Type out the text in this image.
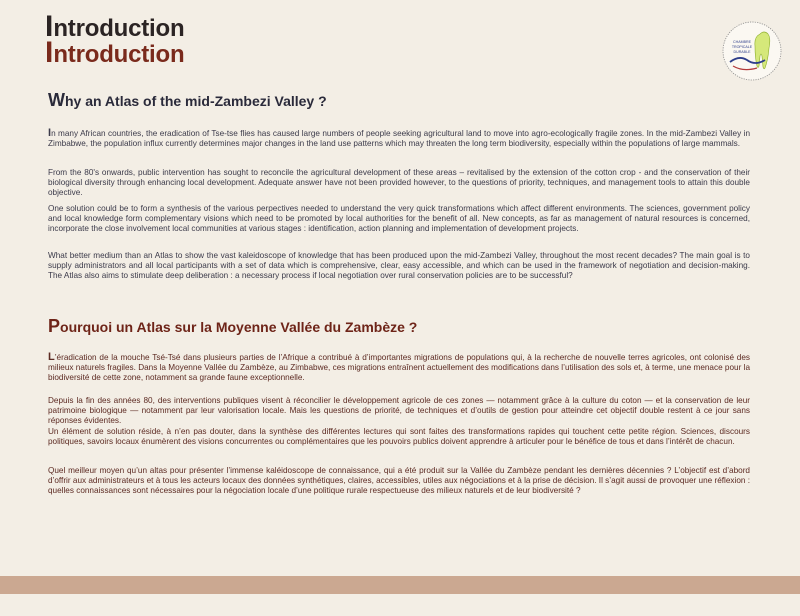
Introduction
Introduction	CHAMBRE
TROPICALE
DURABLE
Why an Atlas of the mid-Zambezi Valley ?
In many African countries, the eradication of Tse-tse flies has caused large numbers of people seeking agricultural land to move into agro-ecologically fragile zones. In the mid-Zambezi Valley in Zimbabwe, the population influx currently determines major changes in the land use patterns which may threaten the long term biodiversity, especially within the populations of large mammals.
From the 80's onwards, public intervention has sought to reconcile the agricultural development of these areas – revitalised by the extension of the cotton crop - and the conservation of their biological diversity through enhancing local development. Adequate answer have not been provided however, to the questions of priority, techniques, and management tools to attain this double objective.
One solution could be to form a synthesis of the various perpectives needed to understand the very quick transformations which affect different environments. The sciences, government policy and local knowledge form complementary visions which need to be promoted by local authorities for the benefit of all. New concepts, as far as management of natural resources is concerned, incorporate the close involvement local communities at various stages : identification, action planning and implementation of development projects.
What better medium than an Atlas to show the vast kaleidoscope of knowledge that has been produced upon the mid-Zambezi Valley, throughout the most recent decades? The main goal is to supply administrators and all local participants with a set of data which is comprehensive, clear, easy accessible, and which can be used in the framework of negotiation and decision-making. The Atlas also aims to stimulate deep deliberation : a necessary process if local negotiation over rural conservation policies are to be successful?
Pourquoi un Atlas sur la Moyenne Vallée du Zambèze ?
L’éradication de la mouche Tsé-Tsé dans plusieurs parties de l’Afrique a contribué à d’importantes migrations de populations qui, à la recherche de nouvelle terres agricoles, ont colonisé des milieux naturels fragiles. Dans la Moyenne Vallée du Zambèze, au Zimbabwe, ces migrations entraînent actuellement des modifications dans l’utilisation des sols et, à terme, une menace pour la biodiversité de cette zone, notamment sa grande faune exceptionnelle.
Depuis la fin des années 80, des interventions publiques visent à réconcilier le développement agricole de ces zones — notamment grâce à la culture du coton — et la conservation de leur patrimoine biologique — notamment par leur valorisation locale. Mais les questions de priorité, de techniques et d’outils de gestion pour atteindre cet objectif double restent à ce jour sans réponses évidentes.
Un élément de solution réside, à n’en pas douter, dans la synthèse des différentes lectures qui sont faites des transformations rapides qui touchent cette petite région. Sciences, discours politiques, savoirs locaux énumèrent des visions concurrentes ou complémentaires que les pouvoirs publics doivent apprendre à articuler pour le bénéfice de tous et dans l’intérêt de chacun.
Quel meilleur moyen qu’un altas pour présenter l’immense kaléidoscope de connaissance, qui a été produit sur la Vallée du Zambèze pendant les dernières décennies ? L’objectif est d’abord d’offrir aux administrateurs et à tous les acteurs locaux des données synthétiques, claires, accessibles, utiles aux négociations et à la prise de décision. Il s’agit aussi de provoquer une réflexion : quelles connaissances sont nécessaires pour la négociation locale d’une politique rurale respectueuse des milieux naturels et de leur biodiversité ?
